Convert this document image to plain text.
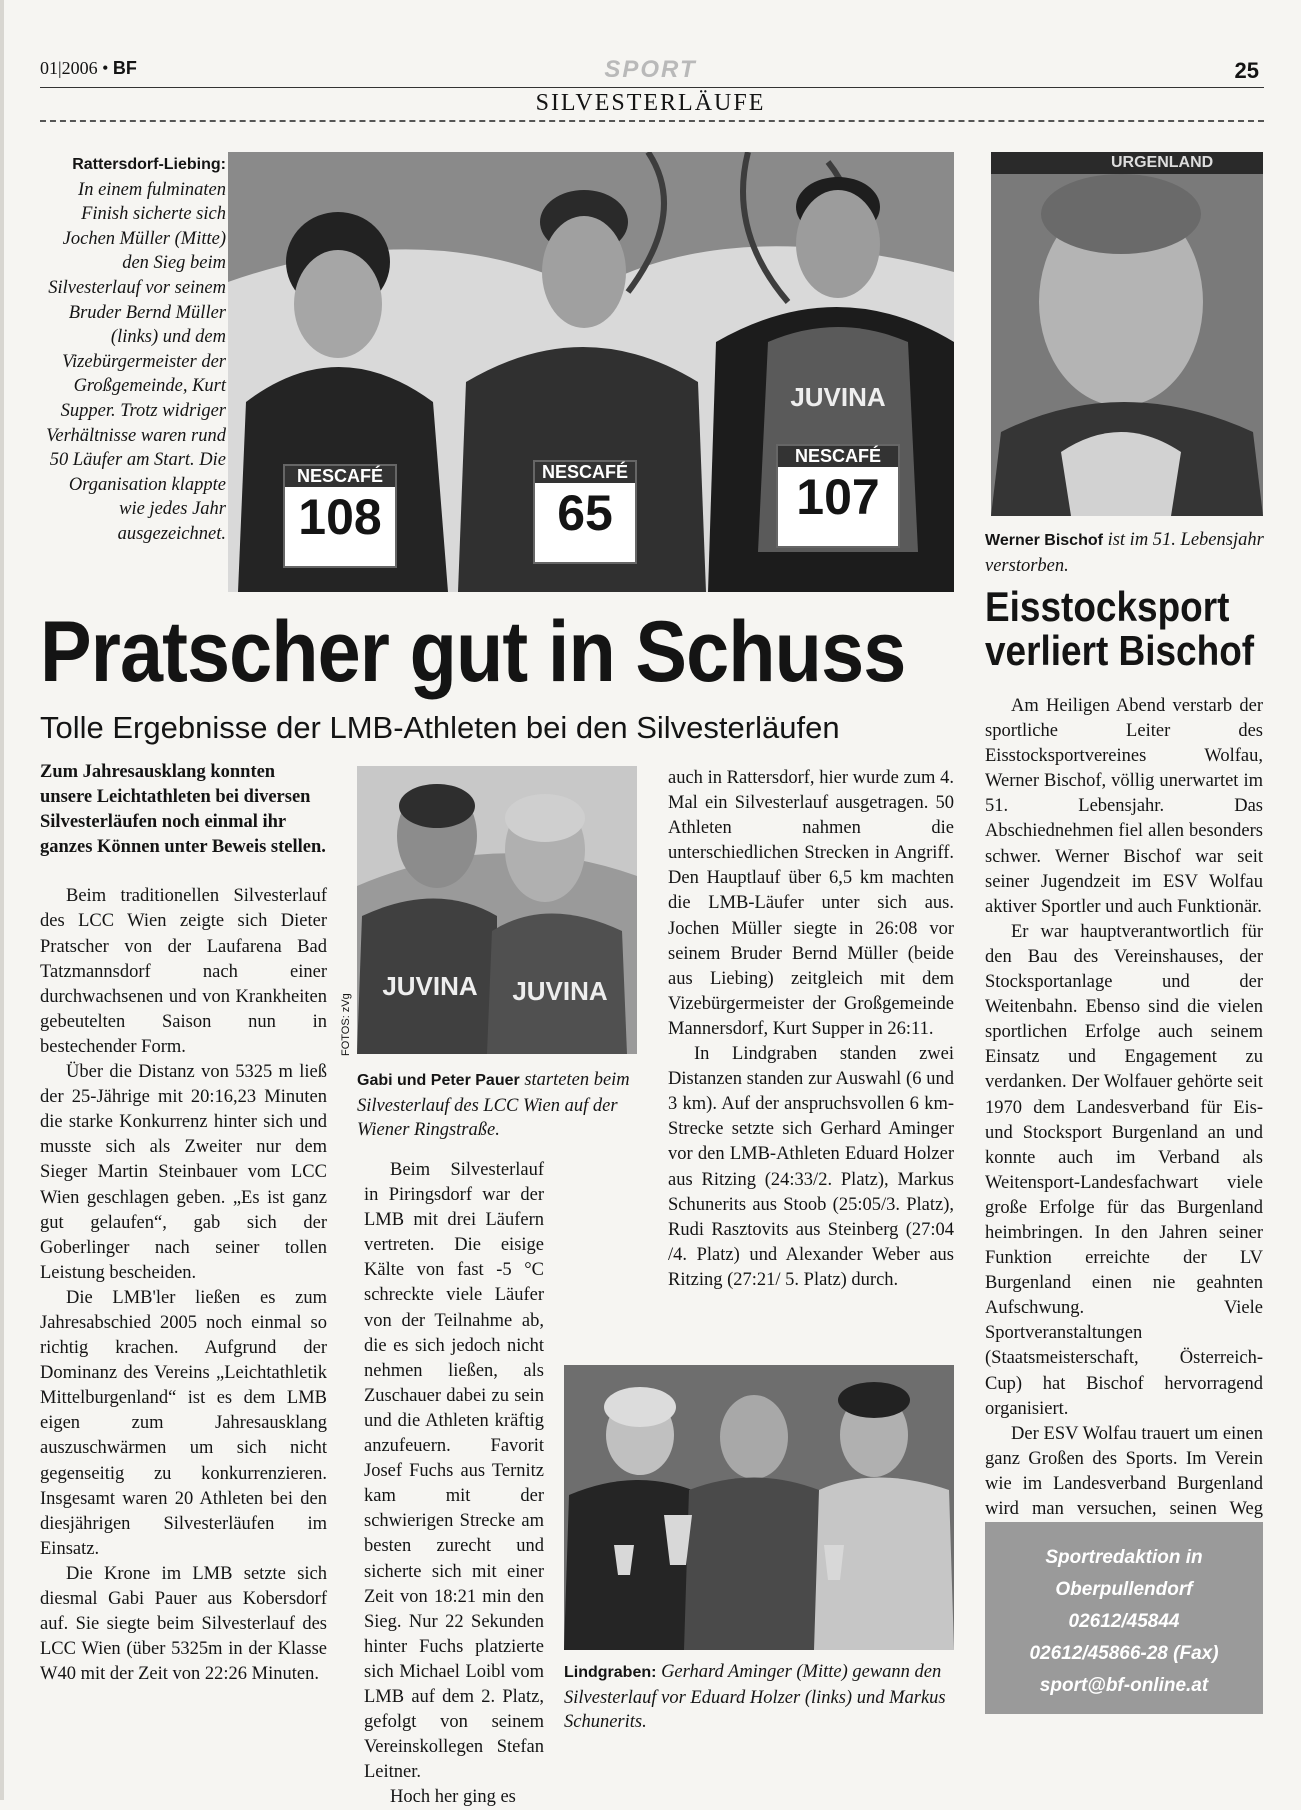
01|2006 • BF	SPORT	25
SILVESTERLÄUFE
Rattersdorf-Liebing:
In einem fulminaten Finish sicherte sich Jochen Müller (Mitte) den Sieg beim Silvesterlauf vor seinem Bruder Bernd Müller (links) und dem Vizebürgermeister der Großgemeinde, Kurt Supper. Trotz widriger Verhältnisse waren rund 50 Läufer am Start. Die Organisation klappte wie jedes Jahr ausgezeichnet.
NESCAFÉ
108
NESCAFÉ
65
NESCAFÉ
107
JUVINA
URGENLAND
Werner Bischof ist im 51. Lebensjahr verstorben.
Pratscher gut in Schuss
Tolle Ergebnisse der LMB-Athleten bei den Silvesterläufen

Zum Jahresausklang konnten unsere Leichtathleten bei diversen Silvesterläufen noch einmal ihr ganzes Können unter Beweis stellen.

Beim traditionellen Silvesterlauf des LCC Wien zeigte sich Dieter Pratscher von der Laufarena Bad Tatzmannsdorf nach einer durchwachsenen und von Krankheiten gebeutelten Saison nun in bestechender Form.

Über die Distanz von 5325 m ließ der 25-Jährige mit 20:16,23 Minuten die starke Konkurrenz hinter sich und musste sich als Zweiter nur dem Sieger Martin Steinbauer vom LCC Wien geschlagen geben. „Es ist ganz gut gelaufen“, gab sich der Goberlinger nach seiner tollen Leistung bescheiden.

Die LMB'ler ließen es zum Jahresabschied 2005 noch einmal so richtig krachen. Aufgrund der Dominanz des Vereins „Leichtathletik Mittelburgenland“ ist es dem LMB eigen zum Jahresausklang auszuschwärmen um sich nicht gegenseitig zu konkurrenzieren. Insgesamt waren 20 Athleten bei den diesjährigen Silvesterläufen im Einsatz.

Die Krone im LMB setzte sich diesmal Gabi Pauer aus Kobersdorf auf. Sie siegte beim Silvesterlauf des LCC Wien (über 5325m in der Klasse W40 mit der Zeit von 22:26 Minuten.

JUVINA JUVINA
FOTOS: zVg
Gabi und Peter Pauer starteten beim Silvesterlauf des LCC Wien auf der Wiener Ringstraße.

Beim Silvesterlauf in Piringsdorf war der LMB mit drei Läufern vertreten. Die eisige Kälte von fast -5 °C schreckte viele Läufer von der Teilnahme ab, die es sich jedoch nicht nehmen ließen, als Zuschauer dabei zu sein und die Athleten kräftig anzufeuern. Favorit Josef Fuchs aus Ternitz kam mit der schwierigen Strecke am besten zurecht und sicherte sich mit einer Zeit von 18:21 min den Sieg. Nur 22 Sekunden hinter Fuchs platzierte sich Michael Loibl vom LMB auf dem 2. Platz, gefolgt von seinem Vereinskollegen Stefan Leitner.

Hoch her ging es

auch in Rattersdorf, hier wurde zum 4. Mal ein Silvesterlauf ausgetragen. 50 Athleten nahmen die unterschiedlichen Strecken in Angriff. Den Hauptlauf über 6,5 km machten die LMB-Läufer unter sich aus. Jochen Müller siegte in 26:08 vor seinem Bruder Bernd Müller (beide aus Liebing) zeitgleich mit dem Vizebürgermeister der Großgemeinde Mannersdorf, Kurt Supper in 26:11.

In Lindgraben standen zwei Distanzen standen zur Auswahl (6 und 3 km). Auf der anspruchsvollen 6 km-Strecke setzte sich Gerhard Aminger vor den LMB-Athleten Eduard Holzer aus Ritzing (24:33/2. Platz), Markus Schunerits aus Stoob (25:05/3. Platz), Rudi Rasztovits aus Steinberg (27:04 /4. Platz) und Alexander Weber aus Ritzing (27:21/ 5. Platz) durch.

Lindgraben: Gerhard Aminger (Mitte) gewann den Silvesterlauf vor Eduard Holzer (links) und Markus Schunerits.
Eisstocksport
verliert Bischof

Am Heiligen Abend verstarb der sportliche Leiter des Eisstocksportvereines Wolfau, Werner Bischof, völlig unerwartet im 51. Lebensjahr. Das Abschiednehmen fiel allen besonders schwer. Werner Bischof war seit seiner Jugendzeit im ESV Wolfau aktiver Sportler und auch Funktionär.

Er war hauptverantwortlich für den Bau des Vereinshauses, der Stocksportanlage und der Weitenbahn. Ebenso sind die vielen sportlichen Erfolge auch seinem Einsatz und Engagement zu verdanken. Der Wolfauer gehörte seit 1970 dem Landesverband für Eis- und Stocksport Burgenland an und konnte auch im Verband als Weitensport-Landesfachwart viele große Erfolge für das Burgenland heimbringen. In den Jahren seiner Funktion erreichte der LV Burgenland einen nie geahnten Aufschwung. Viele Sportveranstaltungen (Staatsmeisterschaft, Österreich-Cup) hat Bischof hervorragend organisiert.

Der ESV Wolfau trauert um einen ganz Großen des Sports. Im Verein wie im Landesverband Burgenland wird man versuchen, seinen Weg

Sportredaktion in
Oberpullendorf
02612/45844
02612/45866-28 (Fax)
sport@bf-online.at
